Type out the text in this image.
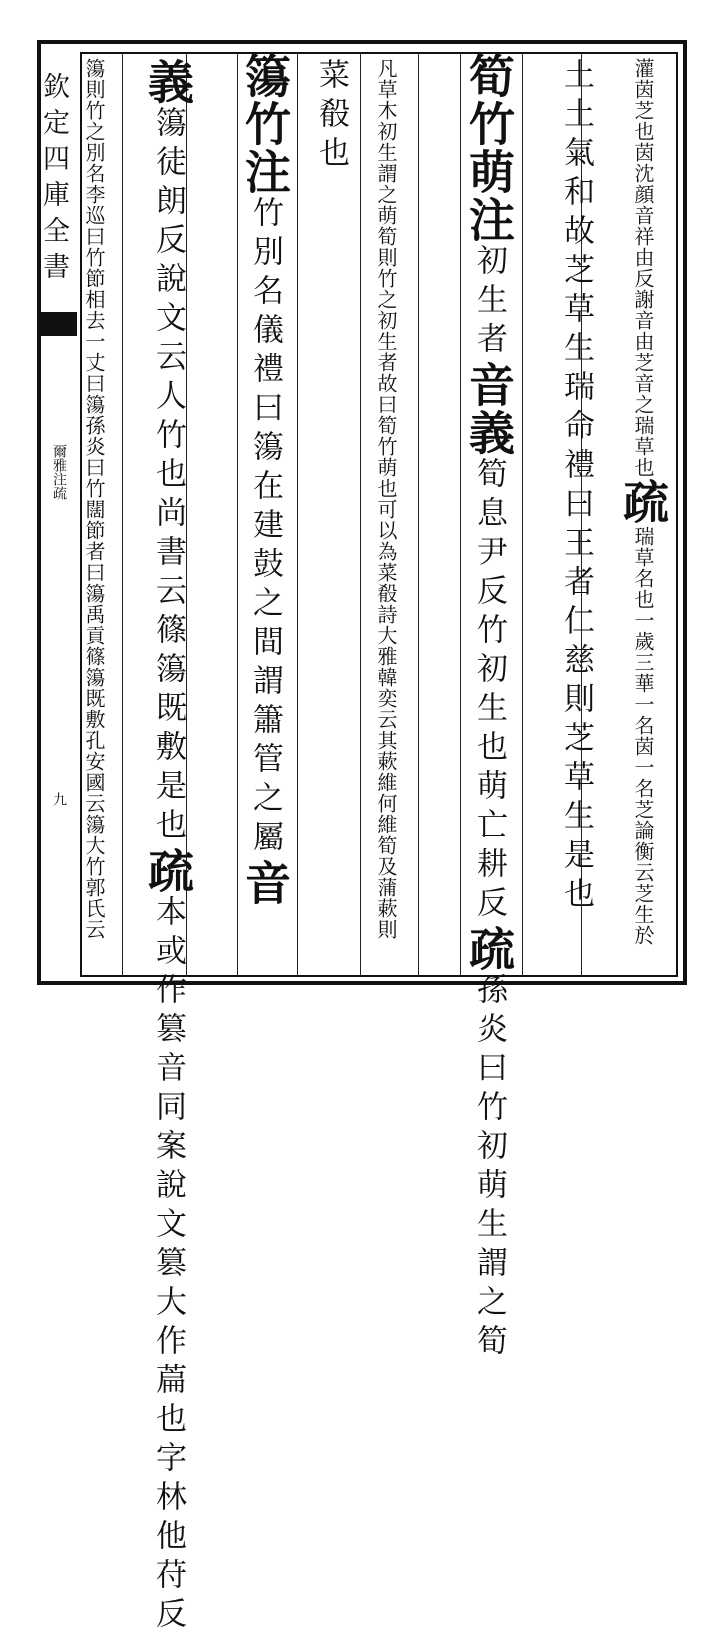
欽定四庫全書
爾雅注疏
九
灌茵芝也茵沈顔音祥由反謝音由芝音之瑞草也疏瑞草名也一歲三華一名茵一名芝論衡云芝生於
土土氣和故芝草生瑞命禮曰王者仁慈則芝草生是也
筍竹萌注初生者音義筍息尹反竹初生也萌亡耕反疏孫炎曰竹初萌生謂之筍
凡草木初生謂之萌筍則竹之初生者故曰筍竹萌也可以為菜殽詩大雅韓奕云其蔌維何維筍及蒲蔌則
菜殽也
簜竹注竹別名儀禮曰簜在建鼓之間謂簫管之屬音
義簜徒朗反說文云人竹也尚書云篠簜既敷是也疏本或作篡音同案說文篡大作萹也字林他苻反
簜則竹之別名李巡曰竹節相去一丈曰簜孫炎曰竹闊節者曰簜禹貢篠簜既敷孔安國云簜大竹郭氏云
